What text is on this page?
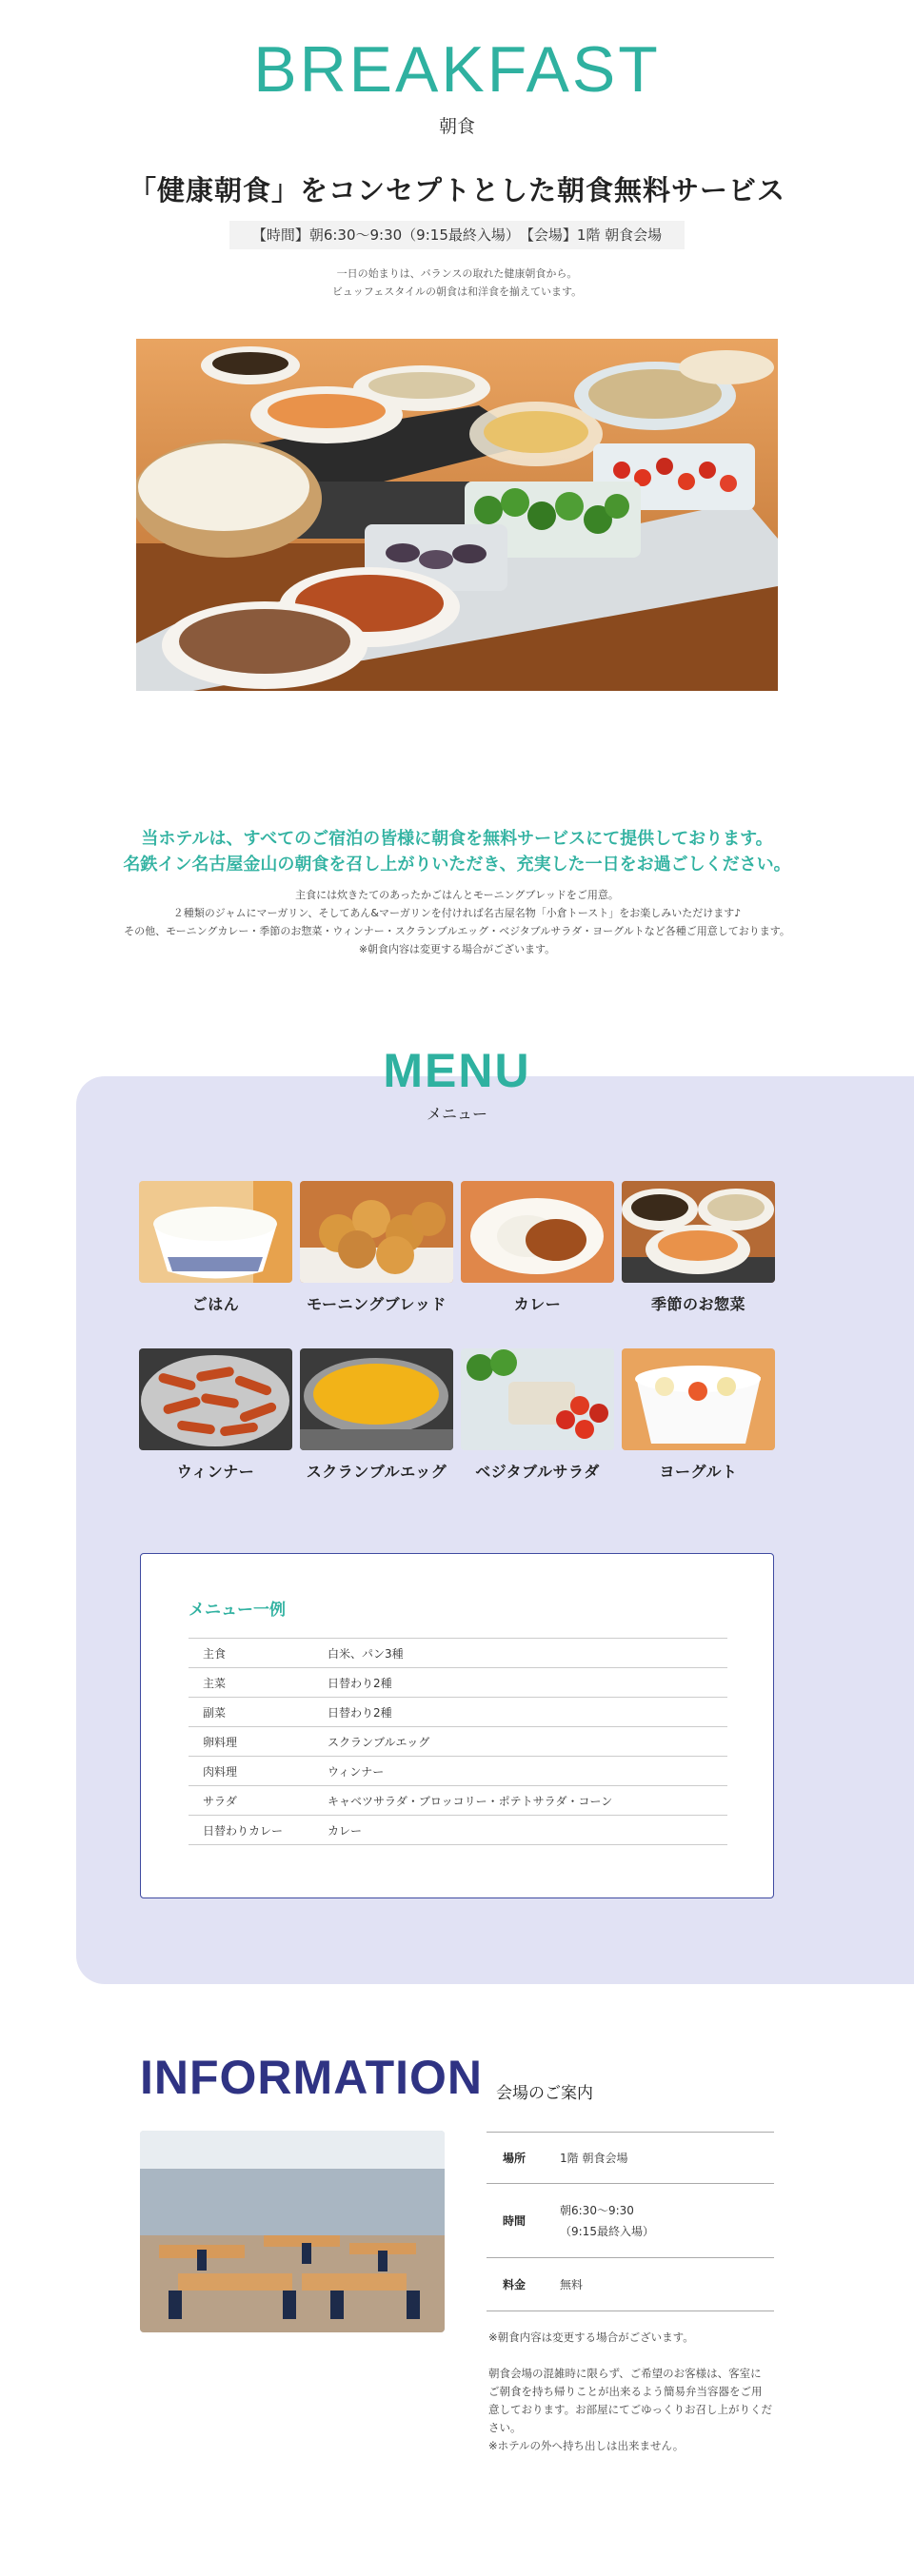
BREAKFAST
朝食
「健康朝食」をコンセプトとした朝食無料サービス
【時間】朝6:30〜9:30（9:15最終入場）　【会場】1階 朝食会場
一日の始まりは、バランスの取れた健康朝食から。
ビュッフェスタイルの朝食は和洋食を揃えています。
当ホテルは、すべてのご宿泊の皆様に朝食を無料サービスにて提供しております。
名鉄イン名古屋金山の朝食を召し上がりいただき、充実した一日をお過ごしください。
主食には炊きたてのあったかごはんとモーニングブレッドをご用意。
２種類のジャムにマーガリン、そしてあん&マーガリンを付ければ名古屋名物「小倉トースト」をお楽しみいただけます♪
その他、モーニングカレー・季節のお惣菜・ウィンナー・スクランブルエッグ・ベジタブルサラダ・ヨーグルトなど各種ご用意しております。
※朝食内容は変更する場合がございます。
MENU
メニュー
ごはん	モーニングブレッド	カレー	季節のお惣菜
ウィンナー	スクランブルエッグ	ベジタブルサラダ	ヨーグルト
メニュー一例
主食	白米、パン3種
主菜	日替わり2種
副菜	日替わり2種
卵料理	スクランブルエッグ
肉料理	ウィンナー
サラダ	キャベツサラダ・ブロッコリー・ポテトサラダ・コーン
日替わりカレー	カレー
INFORMATION 会場のご案内
場所	1階 朝食会場

時間	朝6:30〜9:30
（9:15最終入場）

料金	無料

※朝食内容は変更する場合がございます。

朝食会場の混雑時に限らず、ご希望のお客様は、客室に
ご朝食を持ち帰りことが出来るよう簡易弁当容器をご用
意しております。お部屋にてごゆっくりお召し上がりくだ
さい。
※ホテルの外へ持ち出しは出来ません。
